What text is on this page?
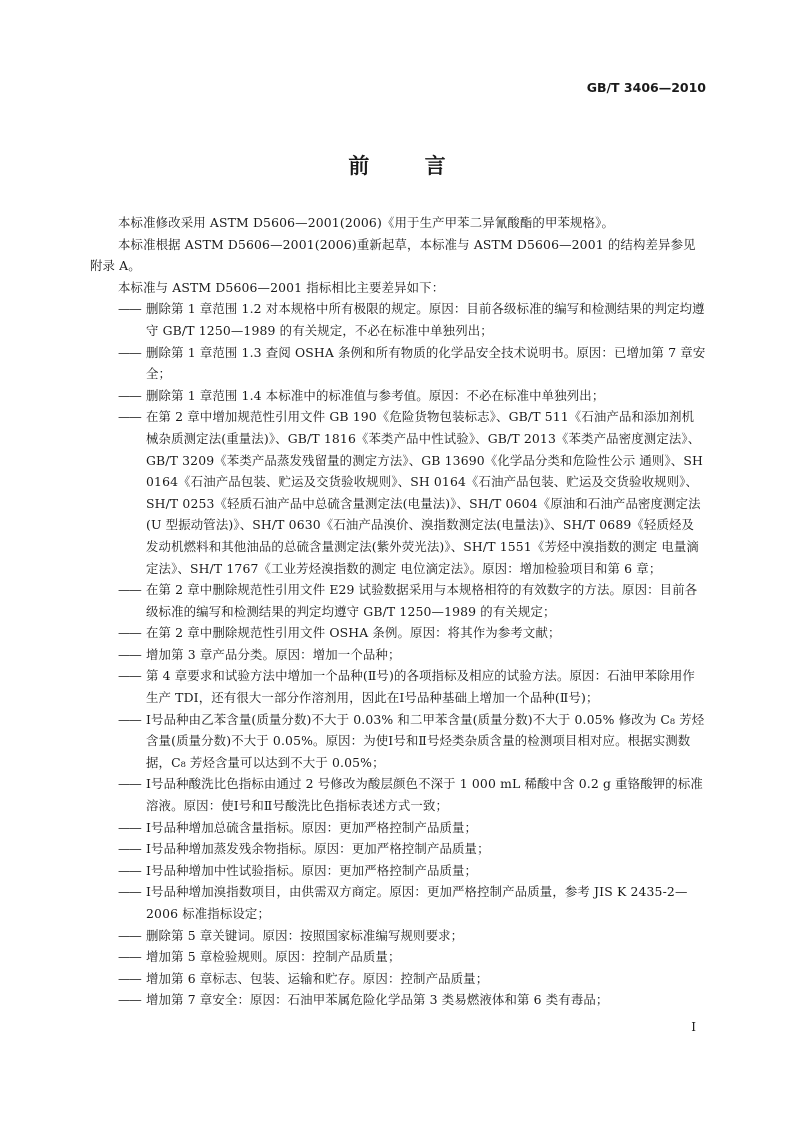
GB/T 3406—2010
前 言

本标准修改采用 ASTM D5606—2001(2006)《用于生产甲苯二异氰酸酯的甲苯规格》。

本标准根据 ASTM D5606—2001(2006)重新起草，本标准与 ASTM D5606—2001 的结构差异参见附录 A。

本标准与 ASTM D5606—2001 指标相比主要差异如下：

—— 删除第 1 章范围 1.2 对本规格中所有极限的规定。原因：目前各级标准的编写和检测结果的判定均遵守 GB/T 1250—1989 的有关规定，不必在标准中单独列出；

—— 删除第 1 章范围 1.3 查阅 OSHA 条例和所有物质的化学品安全技术说明书。原因：已增加第 7 章安全；

—— 删除第 1 章范围 1.4 本标准中的标准值与参考值。原因：不必在标准中单独列出；

—— 在第 2 章中增加规范性引用文件 GB 190《危险货物包装标志》、GB/T 511《石油产品和添加剂机械杂质测定法(重量法)》、GB/T 1816《苯类产品中性试验》、GB/T 2013《苯类产品密度测定法》、GB/T 3209《苯类产品蒸发残留量的测定方法》、GB 13690《化学品分类和危险性公示 通则》、SH 0164《石油产品包装、贮运及交货验收规则》、SH 0164《石油产品包装、贮运及交货验收规则》、SH/T 0253《轻质石油产品中总硫含量测定法(电量法)》、SH/T 0604《原油和石油产品密度测定法(U 型振动管法)》、SH/T 0630《石油产品溴价、溴指数测定法(电量法)》、SH/T 0689《轻质烃及发动机燃料和其他油品的总硫含量测定法(紫外荧光法)》、SH/T 1551《芳烃中溴指数的测定 电量滴定法》、SH/T 1767《工业芳烃溴指数的测定 电位滴定法》。原因：增加检验项目和第 6 章；

—— 在第 2 章中删除规范性引用文件 E29 试验数据采用与本规格相符的有效数字的方法。原因：目前各级标准的编写和检测结果的判定均遵守 GB/T 1250—1989 的有关规定；

—— 在第 2 章中删除规范性引用文件 OSHA 条例。原因：将其作为参考文献；

—— 增加第 3 章产品分类。原因：增加一个品种；

—— 第 4 章要求和试验方法中增加一个品种(Ⅱ号)的各项指标及相应的试验方法。原因：石油甲苯除用作生产 TDI，还有很大一部分作溶剂用，因此在Ⅰ号品种基础上增加一个品种(Ⅱ号)；

—— Ⅰ号品种由乙苯含量(质量分数)不大于 0.03% 和二甲苯含量(质量分数)不大于 0.05% 修改为 C₈ 芳烃含量(质量分数)不大于 0.05%。原因：为使Ⅰ号和Ⅱ号烃类杂质含量的检测项目相对应。根据实测数据，C₈ 芳烃含量可以达到不大于 0.05%；

—— Ⅰ号品种酸洗比色指标由通过 2 号修改为酸层颜色不深于 1 000 mL 稀酸中含 0.2 g 重铬酸钾的标准溶液。原因：使Ⅰ号和Ⅱ号酸洗比色指标表述方式一致；

—— Ⅰ号品种增加总硫含量指标。原因：更加严格控制产品质量；

—— Ⅰ号品种增加蒸发残余物指标。原因：更加严格控制产品质量；

—— Ⅰ号品种增加中性试验指标。原因：更加严格控制产品质量；

—— Ⅰ号品种增加溴指数项目，由供需双方商定。原因：更加严格控制产品质量，参考 JIS K 2435-2—2006 标准指标设定；

—— 删除第 5 章关键词。原因：按照国家标准编写规则要求；

—— 增加第 5 章检验规则。原因：控制产品质量；

—— 增加第 6 章标志、包装、运输和贮存。原因：控制产品质量；

—— 增加第 7 章安全：原因：石油甲苯属危险化学品第 3 类易燃液体和第 6 类有毒品；

Ⅰ
